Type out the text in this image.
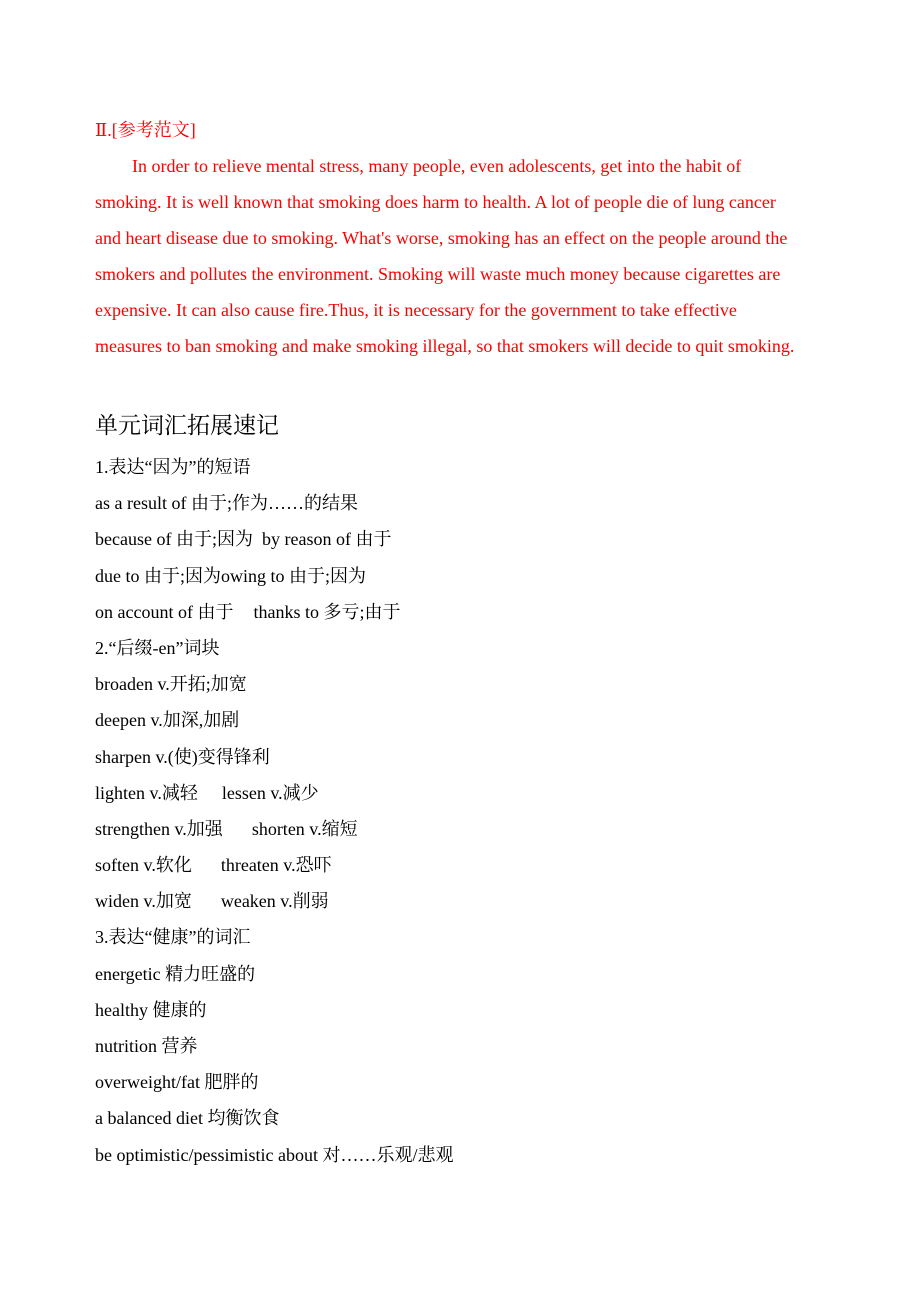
Ⅱ.[参考范文]
In order to relieve mental stress, many people, even adolescents, get into the habit of
smoking. It is well known that smoking does harm to health. A lot of people die of lung cancer
and heart disease due to smoking. What's worse, smoking has an effect on the people around the
smokers and pollutes the environment. Smoking will waste much money because cigarettes are
expensive. It can also cause fire.Thus, it is necessary for the government to take effective
measures to ban smoking and make smoking illegal, so that smokers will decide to quit smoking.
单元词汇拓展速记
1.表达“因为”的短语
as a result of 由于;作为……的结果
because of 由于;因为 by reason of 由于
due to 由于;因为owing to 由于;因为
on account of 由于 thanks to 多亏;由于
2.“后缀-en”词块
broaden v.开拓;加宽
deepen v.加深,加剧
sharpen v.(使)变得锋利
lighten v.减轻 lessen v.减少
strengthen v.加强 shorten v.缩短
soften v.软化 threaten v.恐吓
widen v.加宽 weaken v.削弱
3.表达“健康”的词汇
energetic 精力旺盛的
healthy 健康的
nutrition 营养
overweight/fat 肥胖的
a balanced diet 均衡饮食
be optimistic/pessimistic about 对……乐观/悲观
